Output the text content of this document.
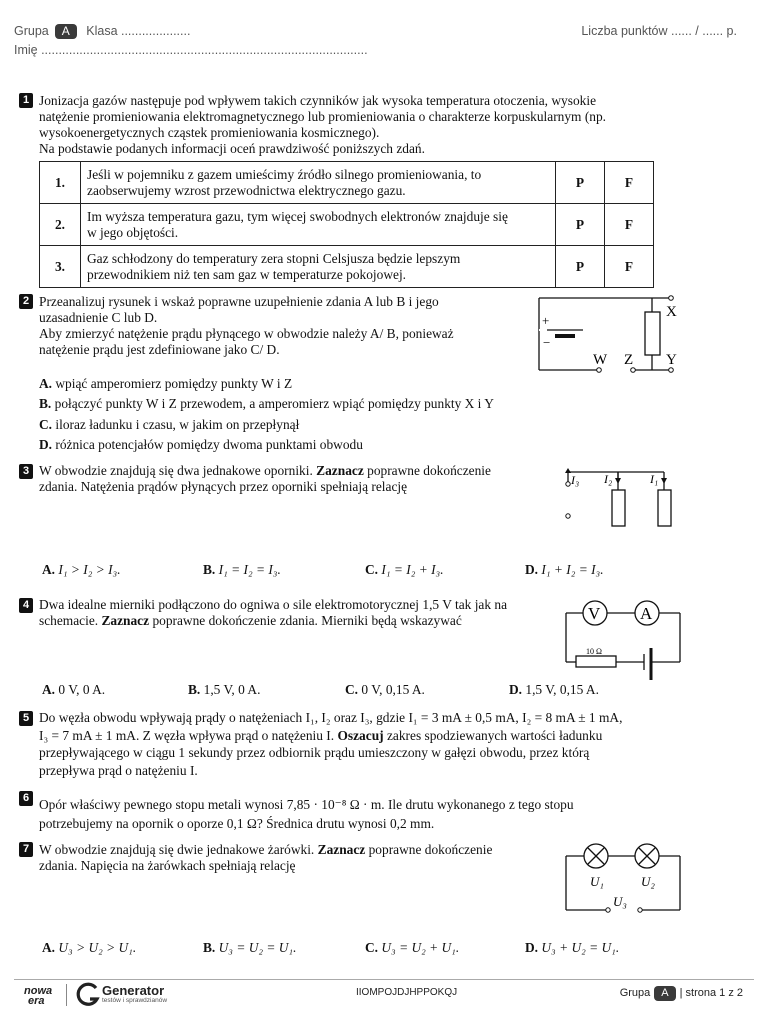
Grupa A Klasa ....................	Liczba punktów ...... / ...... p.
Imię ..............................................................................................
1 Jonizacja gazów następuje pod wpływem takich czynników jak wysoka temperatura otoczenia, wysokie

natężenie promieniowania elektromagnetycznego lub promieniowania o charakterze korpuskularnym (np.

wysokoenergetycznych cząstek promieniowania kosmicznego).

Na podstawie podanych informacji oceń prawdziwość poniższych zdań.

1.	Jeśli w pojemniku z gazem umieścimy źródło silnego promieniowania, to
zaobserwujemy wzrost przewodnictwa elektrycznego gazu.	P	F
2.	Im wyższa temperatura gazu, tym więcej swobodnych elektronów znajduje się
w jego objętości.	P	F
3.	Gaz schłodzony do temperatury zera stopni Celsjusza będzie lepszym
przewodnikiem niż ten sam gaz w temperaturze pokojowej.	P	F
2 Przeanalizuj rysunek i wskaż poprawne uzupełnienie zdania A lub B i jego

uzasadnienie C lub D.

Aby zmierzyć natężenie prądu płynącego w obwodzie należy A/ B, ponieważ

natężenie prądu jest zdefiniowane jako C/ D.

A. wpiąć amperomierz pomiędzy punkty W i Z
B. połączyć punkty W i Z przewodem, a amperomierz wpiąć pomiędzy punkty X i Y
C. iloraz ładunku i czasu, w jakim on przepłynął
D. różnica potencjałów pomiędzy dwoma punktami obwodu
+
−
X
W Z Y
3 W obwodzie znajdują się dwa jednakowe oporniki. Zaznacz poprawne dokończenie

zdania. Natężenia prądów płynących przez oporniki spełniają relację	I₃ I₂	I₁
A. I₁ > I₂ > I₃.	B. I₁ = I₂ = I₃.	C. I₁ = I₂ + I₃.	D. I₁ + I₂ = I₃.
4 Dwa idealne mierniki podłączono do ogniwa o sile elektromotorycznej 1,5 V tak jak na

schemacie. Zaznacz poprawne dokończenie zdania. Mierniki będą wskazywać	V A
10 Ω
A. 0 V, 0 A.	B. 1,5 V, 0 A.	C. 0 V, 0,15 A.	D. 1,5 V, 0,15 A.
5 Do węzła obwodu wpływają prądy o natężeniach I₁, I₂ oraz I₃, gdzie I₁ = 3 mA ± 0,5 mA, I₂ = 8 mA ± 1 mA,

I₃ = 7 mA ± 1 mA. Z węzła wpływa prąd o natężeniu I. Oszacuj zakres spodziewanych wartości ładunku

przepływającego w ciągu 1 sekundy przez odbiornik prądu umieszczony w gałęzi obwodu, przez którą

przepływa prąd o natężeniu I.

6 Opór właściwy pewnego stopu metali wynosi 7,85 · 10⁻⁸ Ω · m. Ile drutu wykonanego z tego stopu

potrzebujemy na opornik o oporze 0,1 Ω? Średnica drutu wynosi 0,2 mm.

7 W obwodzie znajdują się dwie jednakowe żarówki. Zaznacz poprawne dokończenie

zdania. Napięcia na żarówkach spełniają relację

U₁	U₂
U₃
A. U₃ > U₂ > U₁.	B. U₃ = U₂ = U₁.	C. U₃ = U₂ + U₁.	D. U₃ + U₂ = U₁.
nowa
era
Generator
testów i sprawdzianów
IIOMPOJDJHPPOKQJ	Grupa A | strona 1 z 2
